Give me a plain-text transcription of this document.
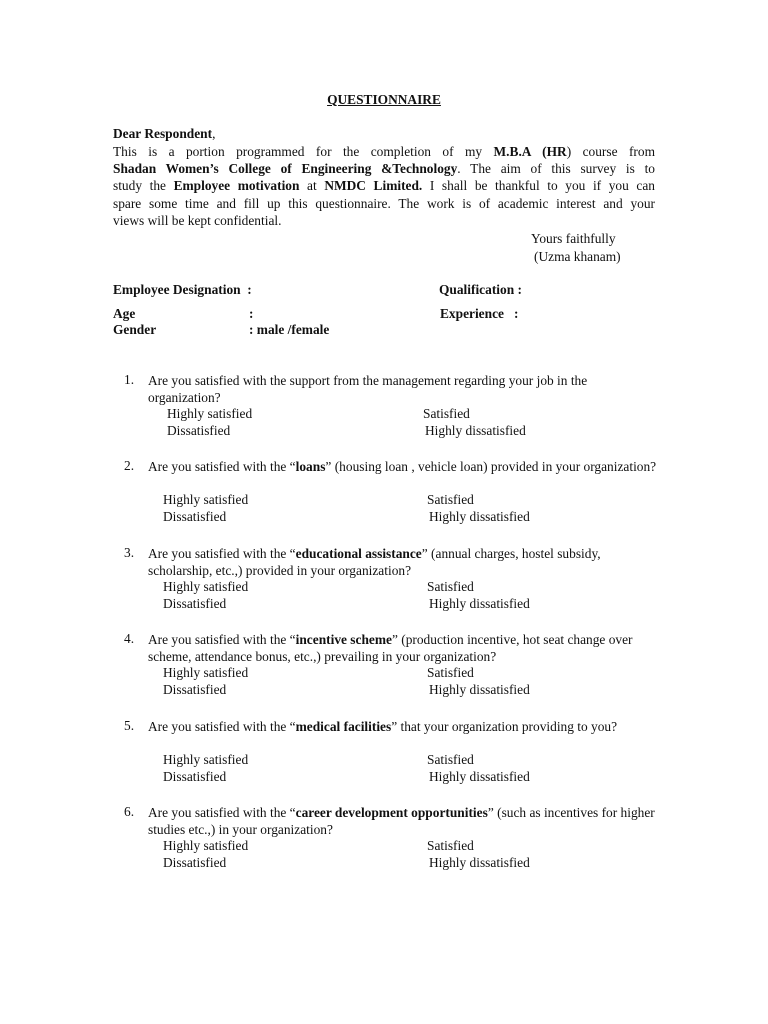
QUESTIONNAIRE
Dear Respondent,
This is a portion programmed for the completion of my M.B.A (HR) course from
Shadan Women’s College of Engineering &Technology. The aim of this survey is to
study the Employee motivation at NMDC Limited. I shall be thankful to you if you can
spare some time and fill up this questionnaire. The work is of academic interest and your
views will be kept confidential.
Yours faithfully
(Uzma khanam)
Employee Designation  :	Qualification :
Age	:	Experience   :
Gender	: male /female
1. Are you satisfied with the support from the management regarding your job in the organization?
Highly satisfied	Satisfied
Dissatisfied	Highly dissatisfied
2. Are you satisfied with the “loans” (housing loan , vehicle loan) provided in your organization?
Highly satisfied	Satisfied
Dissatisfied	Highly dissatisfied
3. Are you satisfied with the “educational assistance” (annual charges, hostel subsidy, scholarship, etc.,) provided in your organization?
Highly satisfied	Satisfied
Dissatisfied	Highly dissatisfied
4. Are you satisfied with the “incentive scheme” (production incentive, hot seat change over scheme, attendance bonus, etc.,) prevailing in your organization?
Highly satisfied	Satisfied
Dissatisfied	Highly dissatisfied
5. Are you satisfied with the “medical facilities” that your organization providing to you?
Highly satisfied	Satisfied
Dissatisfied	Highly dissatisfied
6. Are you satisfied with the “career development opportunities” (such as incentives for higher studies etc.,) in your organization?
Highly satisfied	Satisfied
Dissatisfied	Highly dissatisfied
